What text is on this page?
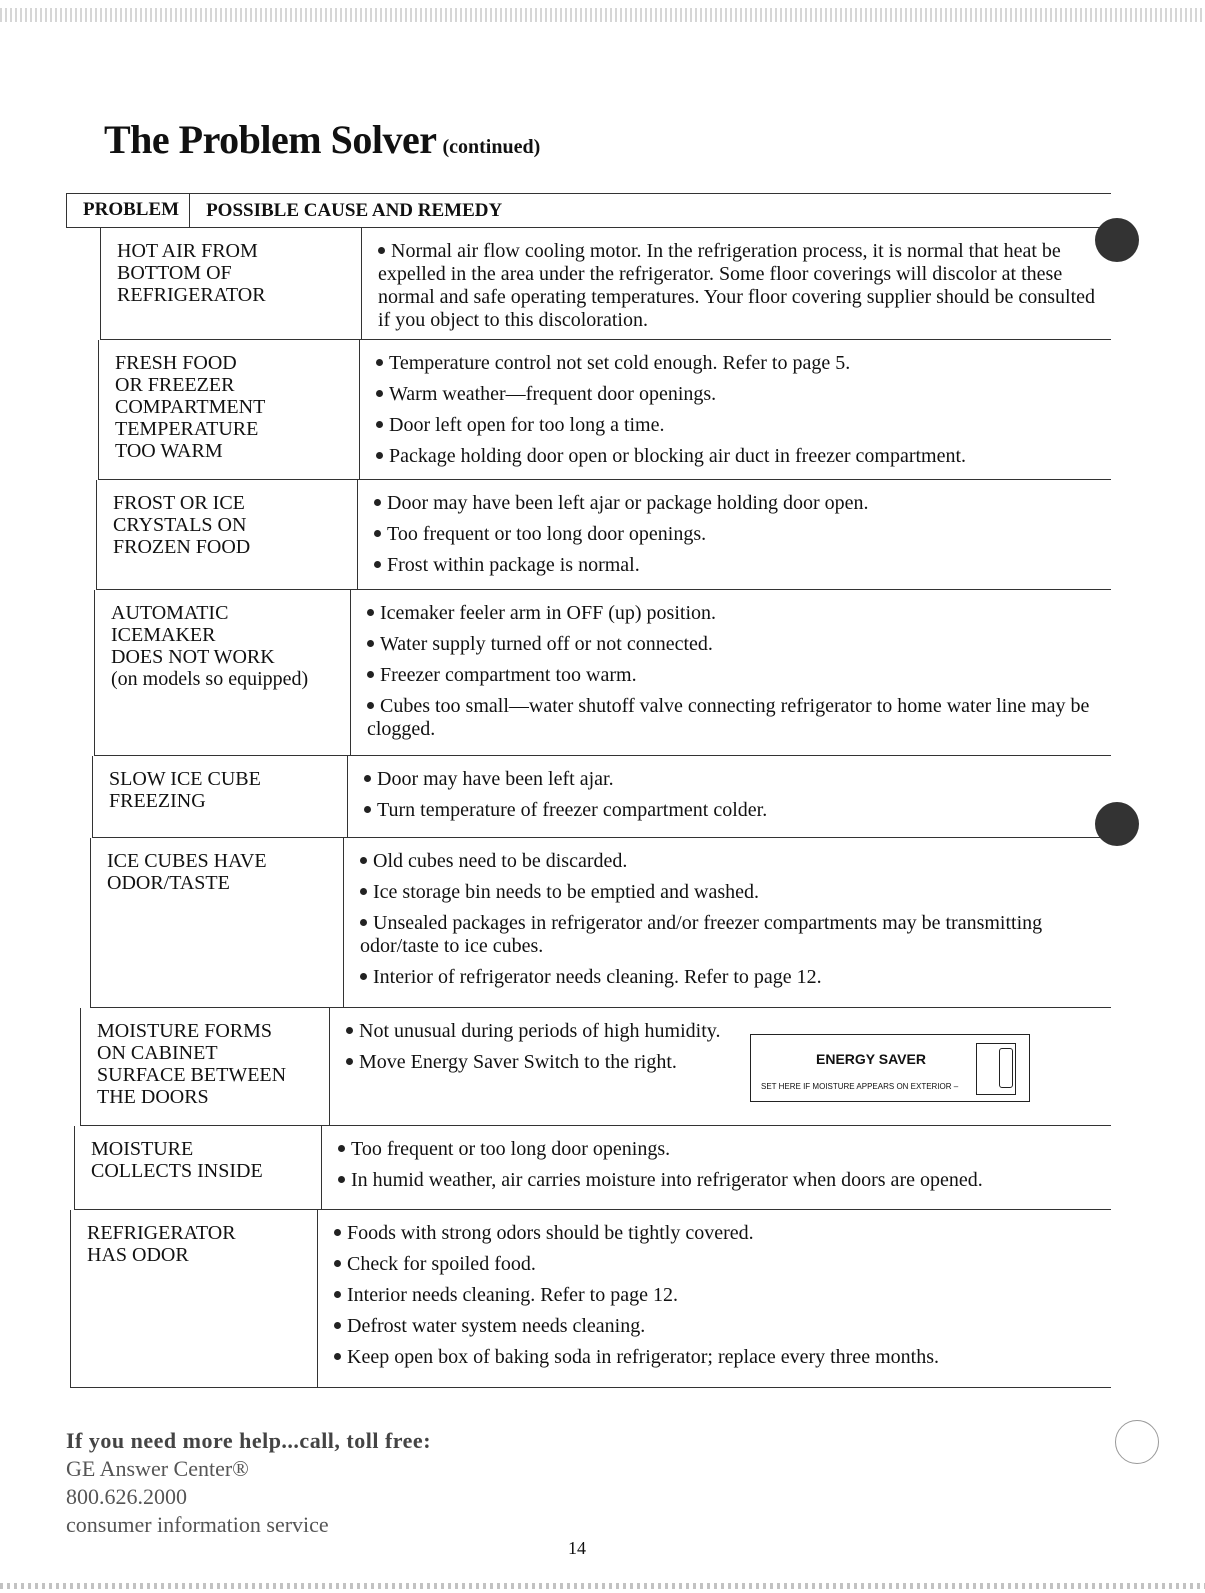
The Problem Solver (continued)
PROBLEM	POSSIBLE CAUSE AND REMEDY
HOT AIR FROM
BOTTOM OF
REFRIGERATOR
Normal air flow cooling motor. In the refrigeration process, it is normal that heat be expelled in the area under the refrigerator. Some floor coverings will discolor at these normal and safe operating temperatures. Your floor covering supplier should be consulted if you object to this discoloration.
FRESH FOOD
OR FREEZER
COMPARTMENT
TEMPERATURE
TOO WARM
Temperature control not set cold enough. Refer to page 5.
Warm weather—frequent door openings.
Door left open for too long a time.
Package holding door open or blocking air duct in freezer compartment.
FROST OR ICE
CRYSTALS ON
FROZEN FOOD
Door may have been left ajar or package holding door open.
Too frequent or too long door openings.
Frost within package is normal.
AUTOMATIC
ICEMAKER
DOES NOT WORK
(on models so equipped)
Icemaker feeler arm in OFF (up) position.
Water supply turned off or not connected.
Freezer compartment too warm.
Cubes too small—water shutoff valve connecting refrigerator to home water line may be clogged.
SLOW ICE CUBE
FREEZING
Door may have been left ajar.
Turn temperature of freezer compartment colder.
ICE CUBES HAVE
ODOR/TASTE
Old cubes need to be discarded.
Ice storage bin needs to be emptied and washed.
Unsealed packages in refrigerator and/or freezer compartments may be transmitting odor/taste to ice cubes.
Interior of refrigerator needs cleaning. Refer to page 12.
MOISTURE FORMS
ON CABINET
SURFACE BETWEEN
THE DOORS
Not unusual during periods of high humidity.
Move Energy Saver Switch to the right.	ENERGY SAVER
SET HERE IF MOISTURE APPEARS ON EXTERIOR –
MOISTURE
COLLECTS INSIDE
Too frequent or too long door openings.
In humid weather, air carries moisture into refrigerator when doors are opened.
REFRIGERATOR
HAS ODOR
Foods with strong odors should be tightly covered.
Check for spoiled food.
Interior needs cleaning. Refer to page 12.
Defrost water system needs cleaning.
Keep open box of baking soda in refrigerator; replace every three months.
If you need more help...call, toll free:
GE Answer Center®
800.626.2000
consumer information service
14
